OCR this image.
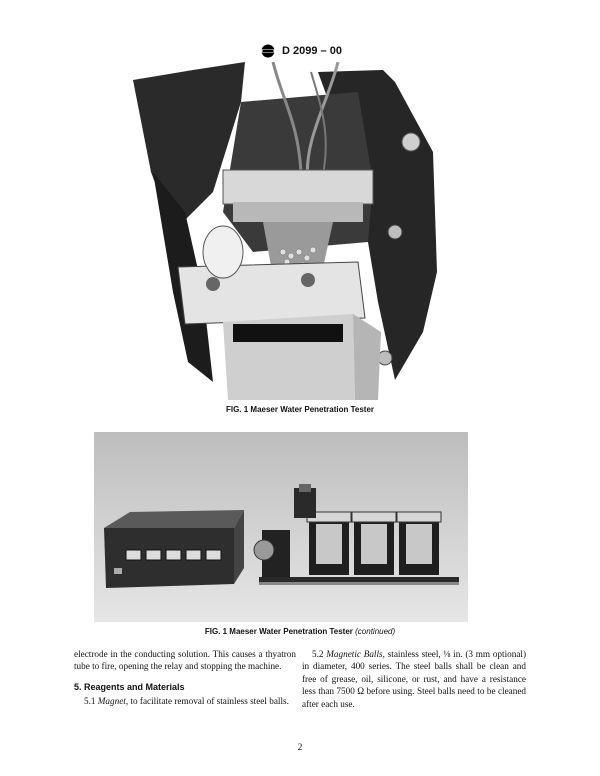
D 2099 – 00
FIG. 1 Maeser Water Penetration Tester
FIG. 1 Maeser Water Penetration Tester (continued)
electrode in the conducting solution. This causes a thyatron tube to fire, opening the relay and stopping the machine.
5. Reagents and Materials
5.1 Magnet, to facilitate removal of stainless steel balls.
5.2 Magnetic Balls, stainless steel, ⅛ in. (3 mm optional) in diameter, 400 series. The steel balls shall be clean and free of grease, oil, silicone, or rust, and have a resistance less than 7500 Ω before using. Steel balls need to be cleaned after each use.
2
